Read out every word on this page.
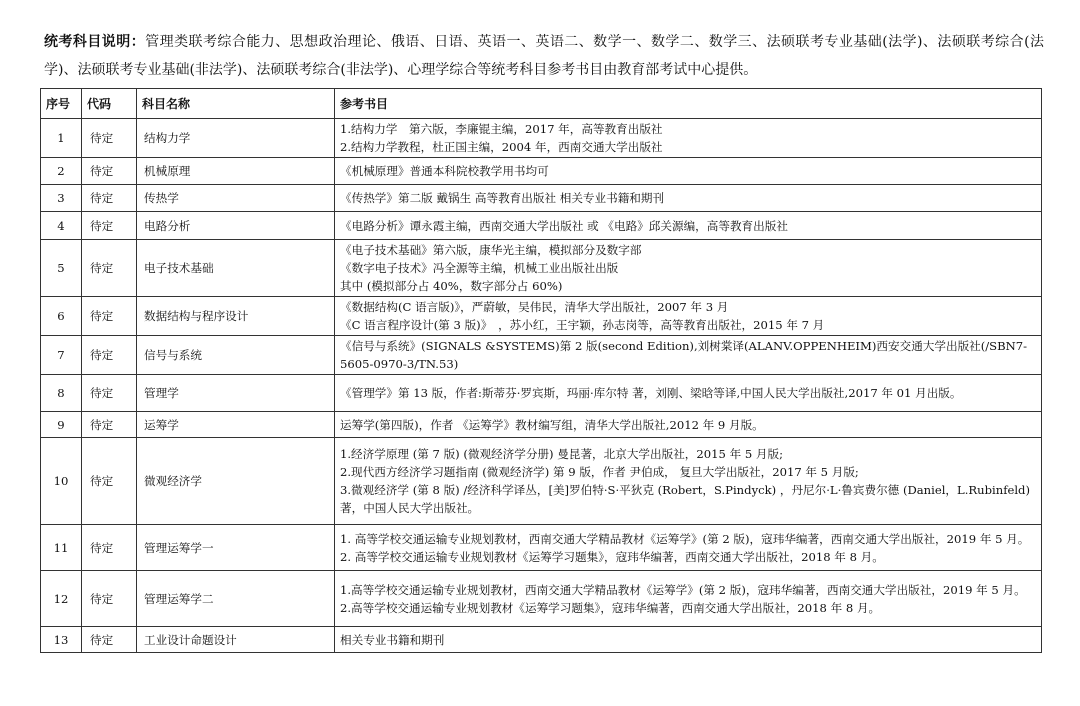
统考科目说明：管理类联考综合能力、思想政治理论、俄语、日语、英语一、英语二、数学一、数学二、数学三、法硕联考专业基础(法学)、法硕联考综合(法学)、法硕联考专业基础(非法学)、法硕联考综合(非法学)、心理学综合等统考科目参考书目由教育部考试中心提供。
序号	代码	科目名称	参考书目
1	待定	结构力学	1.结构力学　第六版，李廉锟主编，2017 年，高等教育出版社
2.结构力学教程，杜正国主编，2004 年，西南交通大学出版社

2	待定	机械原理	《机械原理》普通本科院校教学用书均可

3	待定	传热学	《传热学》第二版 戴锅生 高等教育出版社 相关专业书籍和期刊

4	待定	电路分析	《电路分析》谭永霞主编，西南交通大学出版社 或 《电路》邱关源编，高等教育出版社

5	待定	电子技术基础	《电子技术基础》第六版，康华光主编，模拟部分及数字部
《数字电子技术》冯全源等主编，机械工业出版社出版
其中 (模拟部分占 40%，数字部分占 60%)

6	待定	数据结构与程序设计	《数据结构(C 语言版)》，严蔚敏，吴伟民，清华大学出版社，2007 年 3 月
《C 语言程序设计(第 3 版)》　，苏小红，王宇颖，孙志岗等，高等教育出版社，2015 年 7 月

7	待定	信号与系统	《信号与系统》(SIGNALS &SYSTEMS)第 2 版(second Edition),刘树棠译(ALANV.OPPENHEIM)西安交通大学出版社(/SBN7-5605-0970-3/TN.53)

8	待定	管理学	《管理学》第 13 版，作者:斯蒂芬·罗宾斯，玛丽·库尔特 著，刘刚、梁晗等译,中国人民大学出版社,2017 年 01 月出版。

9	待定	运筹学	运筹学(第四版)，作者 《运筹学》教材编写组，清华大学出版社,2012 年 9 月版。

10	待定	微观经济学	1.经济学原理 (第 7 版) (微观经济学分册) 曼昆著，北京大学出版社，2015 年 5 月版;
2.现代西方经济学习题指南 (微观经济学) 第 9 版，作者 尹伯成， 复旦大学出版社，2017 年 5 月版;
3.微观经济学 (第 8 版) /经济科学译丛，[美]罗伯特·S·平狄克 (Robert，S.Pindyck) ，丹尼尔·L·鲁宾费尔德 (Daniel，L.Rubinfeld) 著，中国人民大学出版社。

11	待定	管理运筹学一	1. 高等学校交通运输专业规划教材，西南交通大学精品教材《运筹学》(第 2 版)，寇玮华编著，西南交通大学出版社，2019 年 5 月。
2. 高等学校交通运输专业规划教材《运筹学习题集》，寇玮华编著，西南交通大学出版社，2018 年 8 月。

12	待定	管理运筹学二	1.高等学校交通运输专业规划教材，西南交通大学精品教材《运筹学》(第 2 版)，寇玮华编著，西南交通大学出版社，2019 年 5 月。
2.高等学校交通运输专业规划教材《运筹学习题集》，寇玮华编著，西南交通大学出版社，2018 年 8 月。

13	待定	工业设计命题设计	相关专业书籍和期刊
